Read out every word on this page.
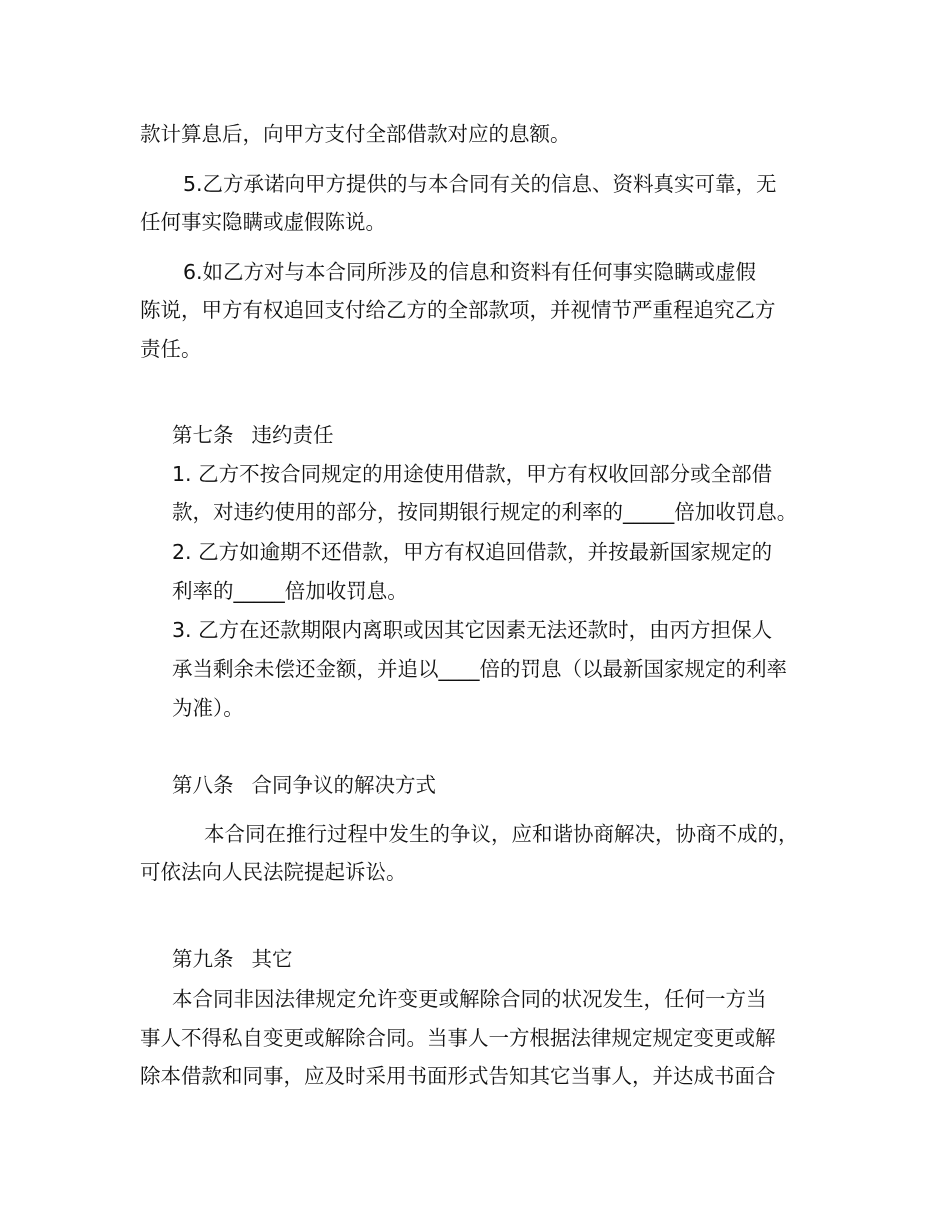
款计算息后，向甲方支付全部借款对应的息额。
5.乙方承诺向甲方提供的与本合同有关的信息、资料真实可靠，无
任何事实隐瞒或虚假陈说。
6.如乙方对与本合同所涉及的信息和资料有任何事实隐瞒或虚假
陈说，甲方有权追回支付给乙方的全部款项，并视情节严重程追究乙方
责任。
第七条 违约责任
1. 乙方不按合同规定的用途使用借款，甲方有权收回部分或全部借
款，对违约使用的部分，按同期银行规定的利率的_____倍加收罚息。
2. 乙方如逾期不还借款，甲方有权追回借款，并按最新国家规定的
利率的_____倍加收罚息。
3. 乙方在还款期限内离职或因其它因素无法还款时，由丙方担保人
承当剩余未偿还金额，并追以____倍的罚息（以最新国家规定的利率
为准）。
第八条 合同争议的解决方式
本合同在推行过程中发生的争议，应和谐协商解决，协商不成的，
可依法向人民法院提起诉讼。
第九条 其它
本合同非因法律规定允许变更或解除合同的状况发生，任何一方当
事人不得私自变更或解除合同。当事人一方根据法律规定规定变更或解
除本借款和同事，应及时采用书面形式告知其它当事人，并达成书面合
